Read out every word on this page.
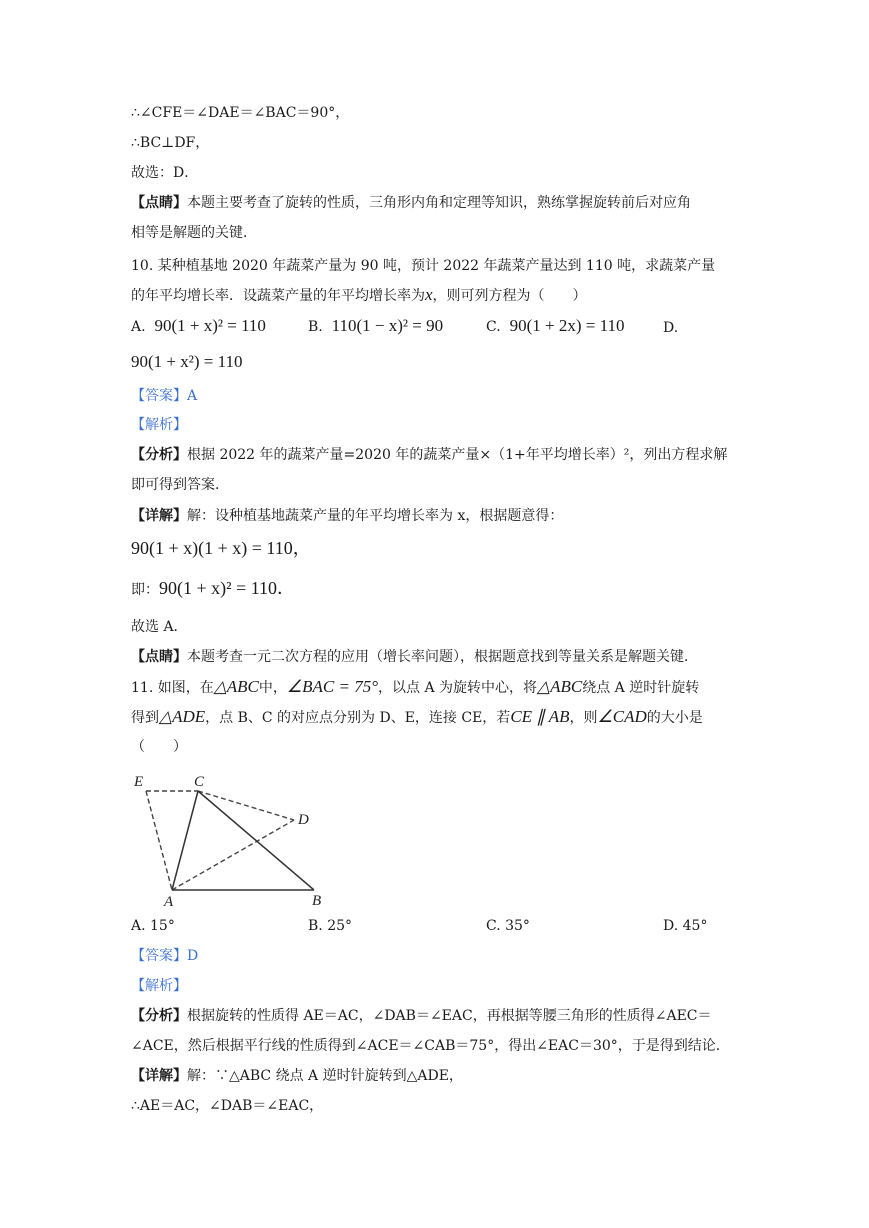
∴∠CFE＝∠DAE＝∠BAC＝90°，
∴BC⊥DF，
故选：D．
【点睛】本题主要考查了旋转的性质，三角形内角和定理等知识，熟练掌握旋转前后对应角
相等是解题的关键．
10. 某种植基地 2020 年蔬菜产量为 90 吨，预计 2022 年蔬菜产量达到 110 吨，求蔬菜产量
的年平均增长率．设蔬菜产量的年平均增长率为x，则可列方程为（　　）
A. 90(1 + x)² = 110	B. 110(1 − x)² = 90	C. 90(1 + 2x) = 110	D.
90(1 + x²) = 110
【答案】A
【解析】
【分析】根据 2022 年的蔬菜产量=2020 年的蔬菜产量×（1+年平均增长率）²，列出方程求解
即可得到答案．
【详解】解：设种植基地蔬菜产量的年平均增长率为 x，根据题意得：
90(1 + x)(1 + x) = 110，
即：90(1 + x)² = 110．
故选 A．
【点睛】本题考查一元二次方程的应用（增长率问题），根据题意找到等量关系是解题关键．
11. 如图，在△ABC中，∠BAC = 75°，以点 A 为旋转中心，将△ABC绕点 A 逆时针旋转
得到△ADE，点 B、C 的对应点分别为 D、E，连接 CE，若CE ∥ AB，则∠CAD的大小是
（　　）
E	C
D
A	B
A. 15°	B. 25°	C. 35°	D. 45°
【答案】D
【解析】
【分析】根据旋转的性质得 AE＝AC，∠DAB＝∠EAC，再根据等腰三角形的性质得∠AEC＝
∠ACE，然后根据平行线的性质得到∠ACE＝∠CAB＝75°，得出∠EAC＝30°，于是得到结论．
【详解】解：∵△ABC 绕点 A 逆时针旋转到△ADE，
∴AE＝AC，∠DAB＝∠EAC，
